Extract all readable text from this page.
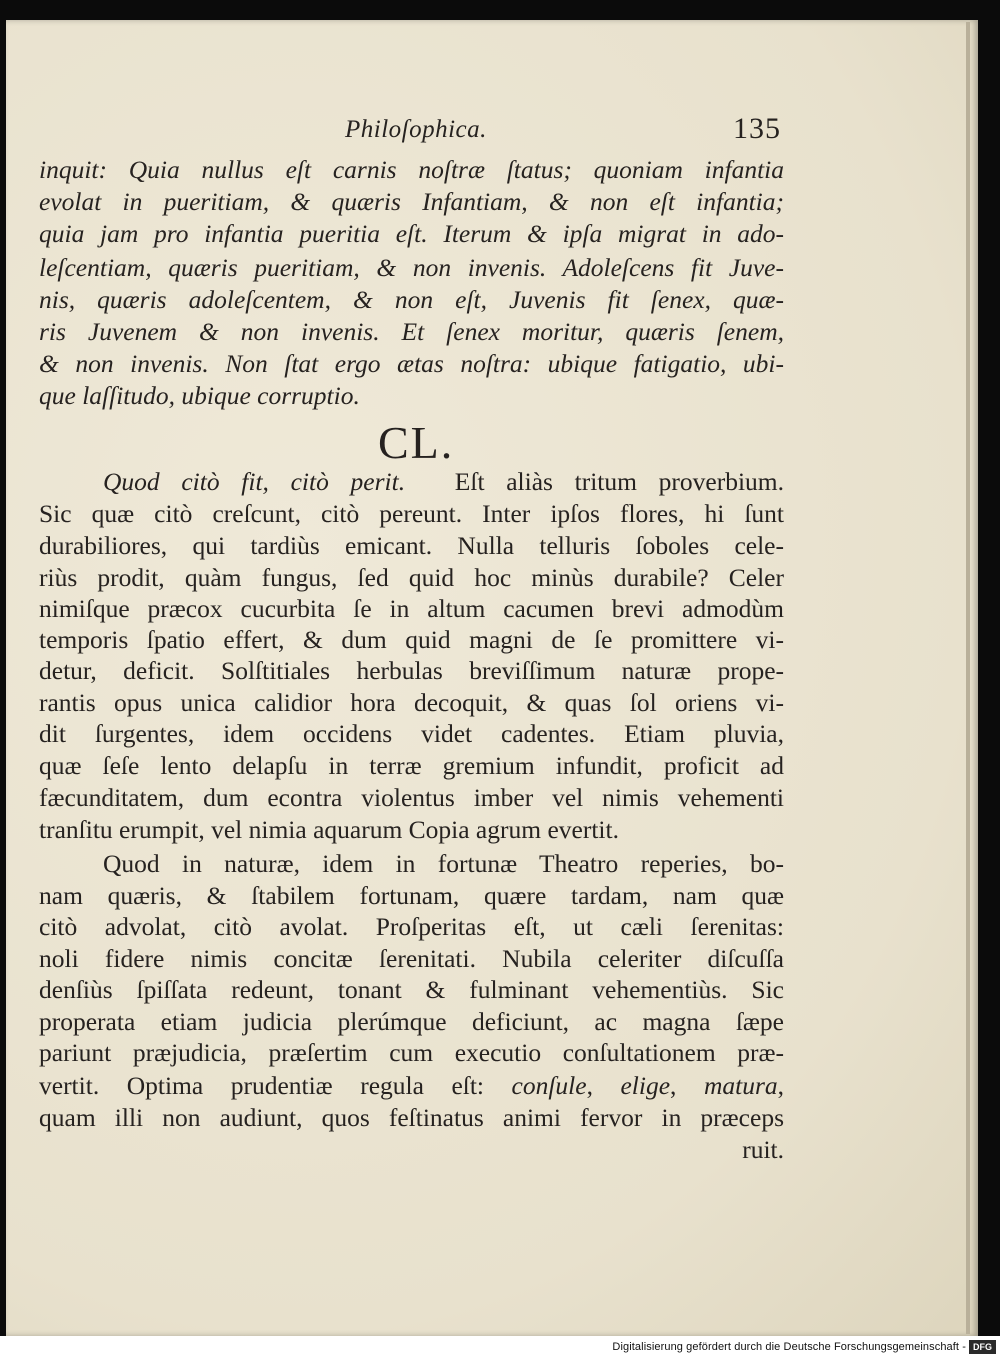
Philoſophica.	135
inquit: Quia nullus eſt carnis noſtræ ſtatus; quoniam infantia
evolat in pueritiam, & quæris Infantiam, & non eſt infantia;
quia jam pro infantia pueritia eſt. Iterum & ipſa migrat in ado-
leſcentiam, quæris pueritiam, & non invenis. Adoleſcens fit Juve-
nis, quæris adoleſcentem, & non eſt, Juvenis fit ſenex, quæ-
ris Juvenem & non invenis. Et ſenex moritur, quæris ſenem,
& non invenis. Non ſtat ergo ætas noſtra: ubique fatigatio, ubi-
que laſſitudo, ubique corruptio.
CL.
Quod citò fit, citò perit. Eſt aliàs tritum proverbium.
Sic quæ citò creſcunt, citò pereunt. Inter ipſos flores, hi ſunt
durabiliores, qui tardiùs emicant. Nulla telluris ſoboles cele-
riùs prodit, quàm fungus, ſed quid hoc minùs durabile? Celer
nimiſque præcox cucurbita ſe in altum cacumen brevi admodùm
temporis ſpatio effert, & dum quid magni de ſe promittere vi-
detur, deficit. Solſtitiales herbulas breviſſimum naturæ prope-
rantis opus unica calidior hora decoquit, & quas ſol oriens vi-
dit ſurgentes, idem occidens videt cadentes. Etiam pluvia,
quæ ſeſe lento delapſu in terræ gremium infundit, proficit ad
fæcunditatem, dum econtra violentus imber vel nimis vehementi
tranſitu erumpit, vel nimia aquarum Copia agrum evertit.
Quod in naturæ, idem in fortunæ Theatro reperies, bo-
nam quæris, & ſtabilem fortunam, quære tardam, nam quæ
citò advolat, citò avolat. Proſperitas eſt, ut cæli ſerenitas:
noli fidere nimis concitæ ſerenitati. Nubila celeriter diſcuſſa
denſiùs ſpiſſata redeunt, tonant & fulminant vehementiùs. Sic
properata etiam judicia plerúmque deficiunt, ac magna ſæpe
pariunt præjudicia, præſertim cum executio conſultationem præ-
vertit. Optima prudentiæ regula eſt: conſule, elige, matura,
quam illi non audiunt, quos feſtinatus animi fervor in præceps
ruit.
Digitalisierung gefördert durch die Deutsche Forschungsgemeinschaft - DFG
